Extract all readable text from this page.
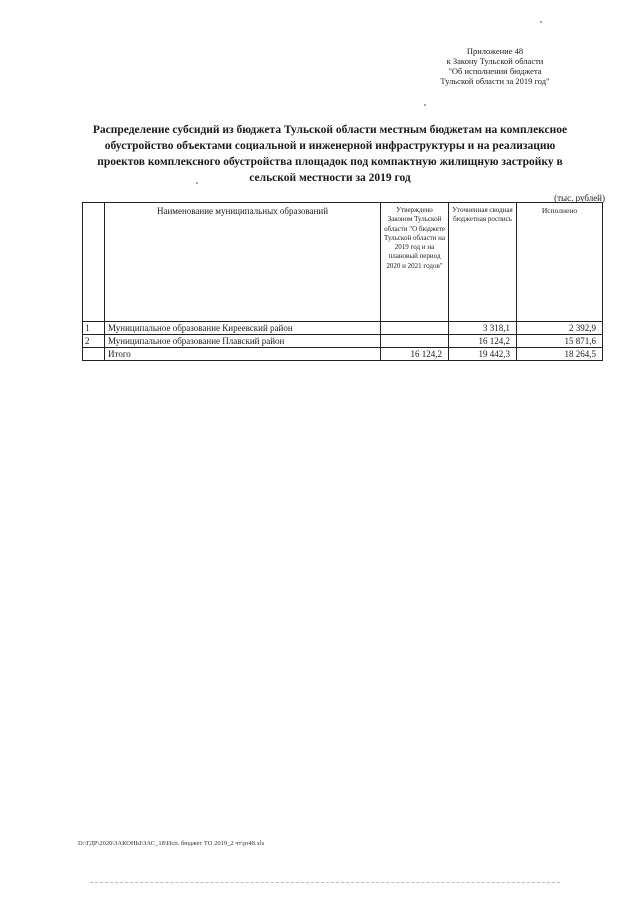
Приложение 48
к Закону Тульской области
"Об исполнении бюджета
Тульской области за 2019 год"
Распределение субсидий из бюджета Тульской области местным бюджетам на комплексное обустройство объектами социальной и инженерной инфраструктуры и на реализацию проектов комплексного обустройства площадок под компактную жилищную застройку в сельской местности за 2019 год
(тыс. рублей)
	Наименование муниципальных образований	Утверждено Законом Тульской области "О бюджете Тульской области на 2019 год и на плановый период 2020 и 2021 годов"	Уточненная сводная бюджетная роспись	Исполнено
1	Муниципальное образование Киреевский район		3 318,1	2 392,9
2	Муниципальное образование Плавский район		16 124,2	15 871,6
	Итого	16 124,2	19 442,3	18 264,5
D:\ГДР\2020\ЗАКОНЫ\ЗАС_18\Исп. бюджет ТО 2019_2 чт\pr48.xls
